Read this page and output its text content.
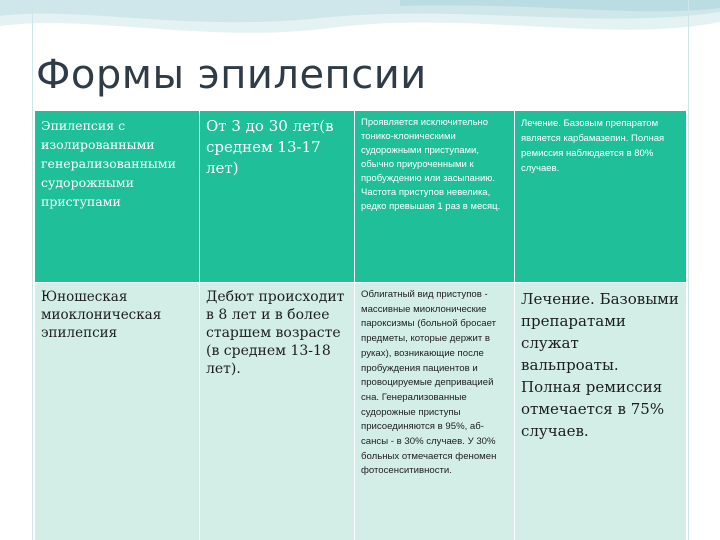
Формы эпилепсии
Эпилепсия с изолированными генерализованными судорожными приступами	От 3 до 30 лет(в среднем 13-17 лет)	Проявляется исключительно тонико-клоническими судорожными приступами, обычно приуроченными к пробуждению или засыпанию. Частота приступов невелика, редко превышая 1 раз в месяц.	Лечение. Базовым препаратом является карбамазепин. Полная ремиссия наблюдается в 80% случаев.
Юношеская миоклоническая эпилепсия	Дебют происходит в 8 лет и в более старшем возрасте (в среднем 13-18 лет).	Облигатный вид приступов - массивные миоклонические пароксизмы (больной бросает предметы, которые держит в руках), возникающие после пробуждения пациентов и провоцируемые депривацией сна. Генерализованные судорожные приступы присоединяются в 95%, аб-сансы - в 30% случаев. У 30% больных отмечается феномен фотосенситивности.	Лечение. Базовыми препаратами служат вальпроаты. Полная ремиссия отмечается в 75% случаев.
